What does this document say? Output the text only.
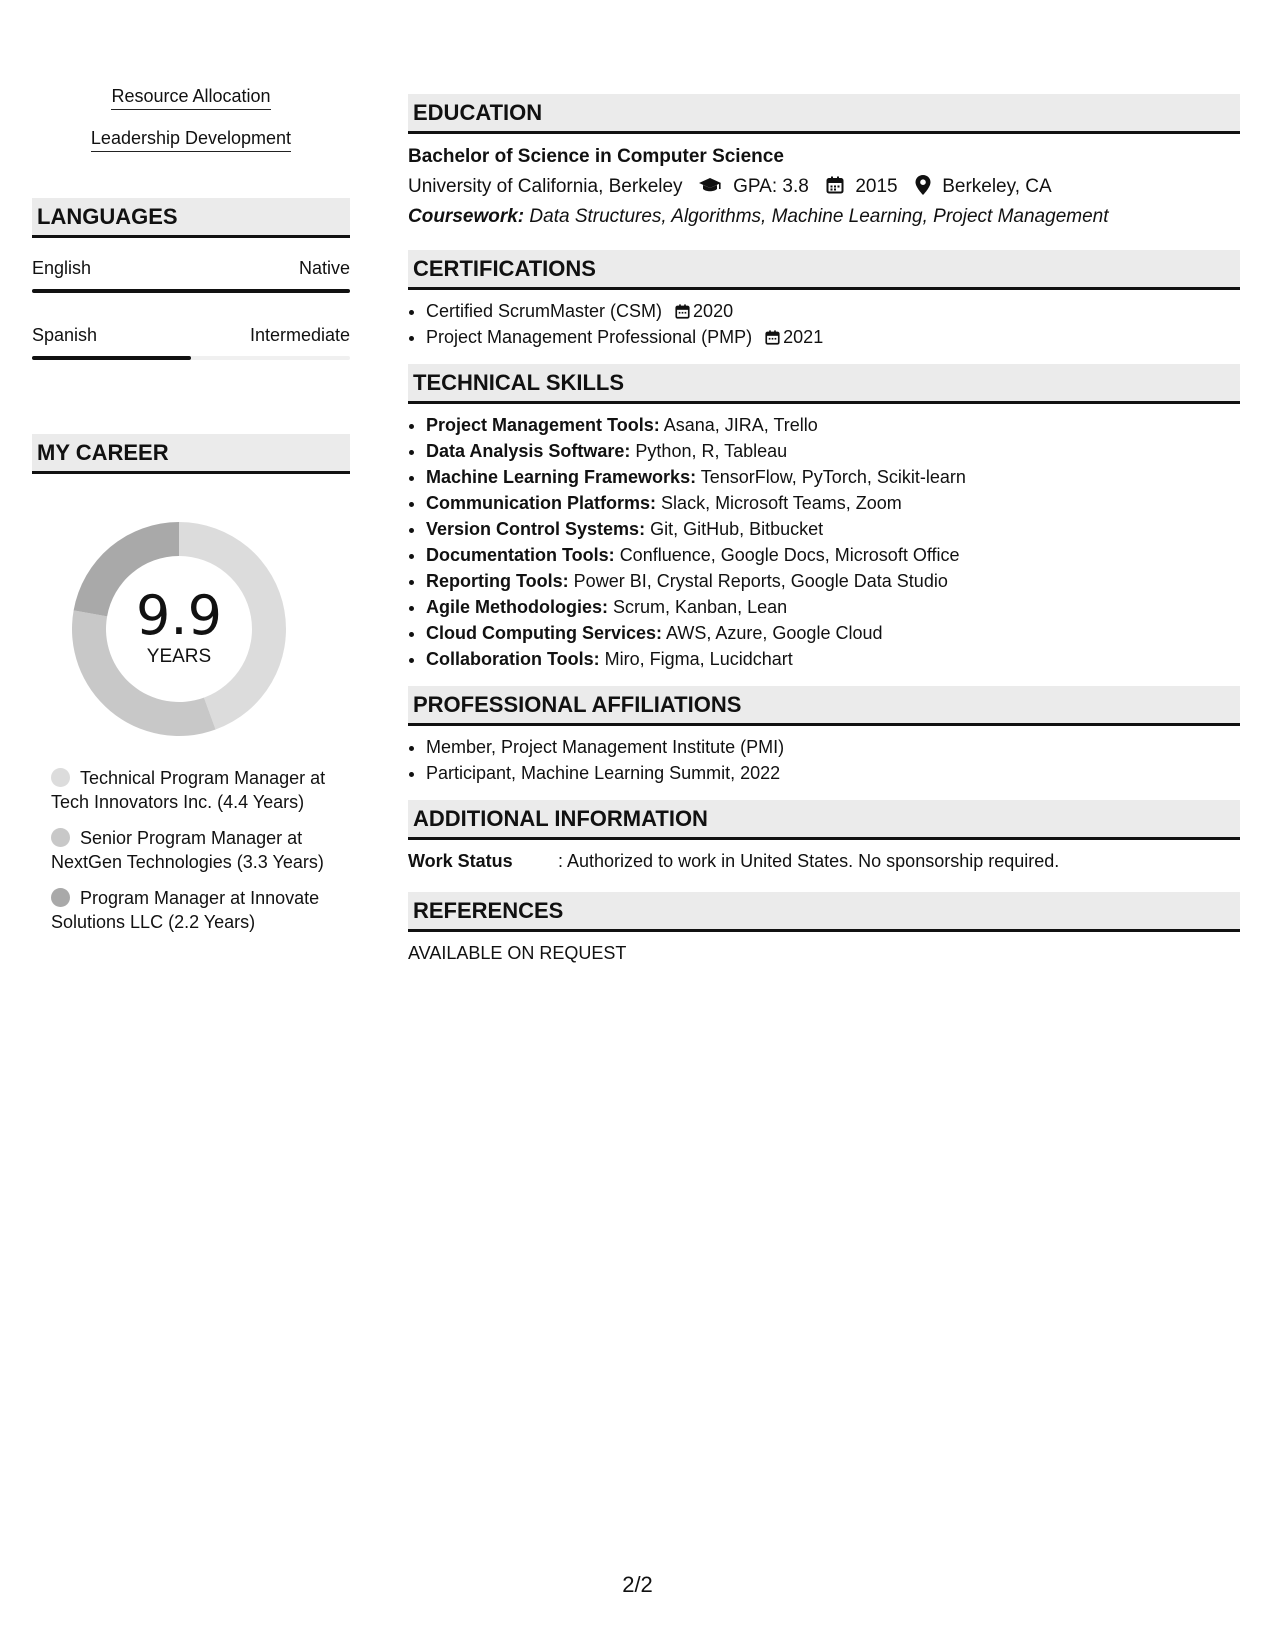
Resource Allocation
Leadership Development
LANGUAGES
English	Native
Spanish	Intermediate
MY CAREER
9.9
YEARS
Technical Program Manager at Tech Innovators Inc. (4.4 Years)
Senior Program Manager at NextGen Technologies (3.3 Years)
Program Manager at Innovate Solutions LLC (2.2 Years)
EDUCATION
Bachelor of Science in Computer Science
University of California, Berkeley	GPA: 3.8 2015 Berkeley, CA
Coursework: Data Structures, Algorithms, Machine Learning, Project Management
CERTIFICATIONS
• Certified ScrumMaster (CSM) 2020
• Project Management Professional (PMP) 2021
TECHNICAL SKILLS
• Project Management Tools: Asana, JIRA, Trello
• Data Analysis Software: Python, R, Tableau
• Machine Learning Frameworks: TensorFlow, PyTorch, Scikit-learn
• Communication Platforms: Slack, Microsoft Teams, Zoom
• Version Control Systems: Git, GitHub, Bitbucket
• Documentation Tools: Confluence, Google Docs, Microsoft Office
• Reporting Tools: Power BI, Crystal Reports, Google Data Studio
• Agile Methodologies: Scrum, Kanban, Lean
• Cloud Computing Services: AWS, Azure, Google Cloud
• Collaboration Tools: Miro, Figma, Lucidchart
PROFESSIONAL AFFILIATIONS
• Member, Project Management Institute (PMI)
• Participant, Machine Learning Summit, 2022
ADDITIONAL INFORMATION
Work Status	: Authorized to work in United States. No sponsorship required.
REFERENCES
AVAILABLE ON REQUEST
2/2
